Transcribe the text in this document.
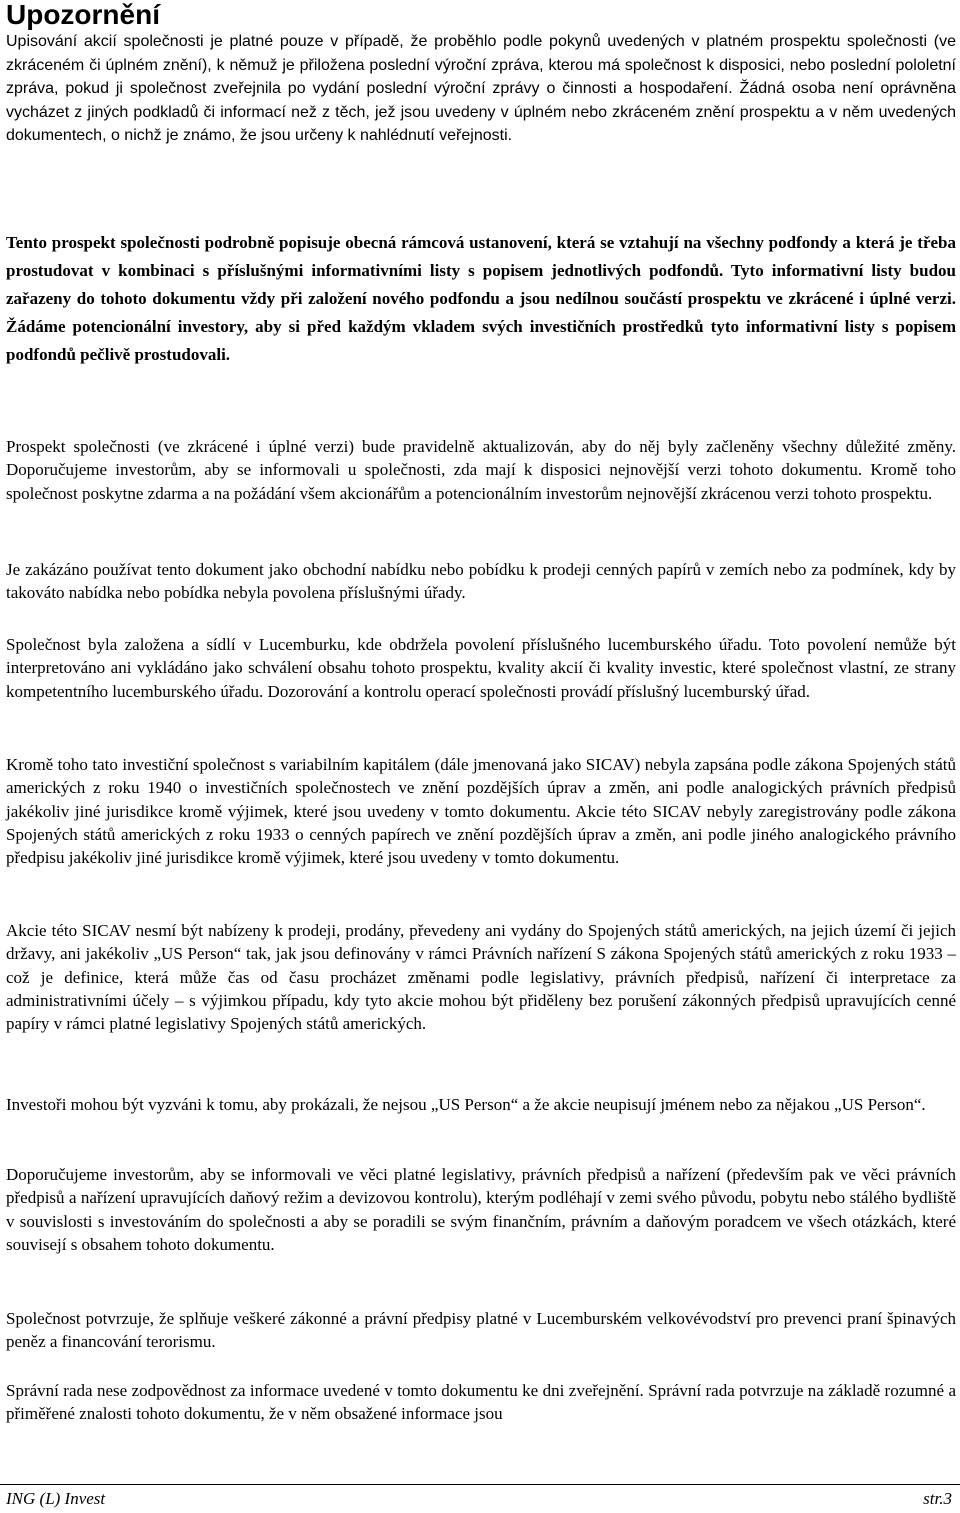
Upozornění

Upisování akcií společnosti je platné pouze v případě, že proběhlo podle pokynů uvedených v platném prospektu společnosti (ve zkráceném či úplném znění), k němuž je přiložena poslední výroční zpráva, kterou má společnost k disposici, nebo poslední pololetní zpráva, pokud ji společnost zveřejnila po vydání poslední výroční zprávy o činnosti a hospodaření. Žádná osoba není oprávněna vycházet z jiných podkladů či informací než z těch, jež jsou uvedeny v úplném nebo zkráceném znění prospektu a v něm uvedených dokumentech, o nichž je známo, že jsou určeny k nahlédnutí veřejnosti.

Tento prospekt společnosti podrobně popisuje obecná rámcová ustanovení, která se vztahují na všechny podfondy a která je třeba prostudovat v kombinaci s příslušnými informativními listy s popisem jednotlivých podfondů. Tyto informativní listy budou zařazeny do tohoto dokumentu vždy při založení nového podfondu a jsou nedílnou součástí prospektu ve zkrácené i úplné verzi. Žádáme potencionální investory, aby si před každým vkladem svých investičních prostředků tyto informativní listy s popisem podfondů pečlivě prostudovali.

Prospekt společnosti (ve zkrácené i úplné verzi) bude pravidelně aktualizován, aby do něj byly začleněny všechny důležité změny. Doporučujeme investorům, aby se informovali u společnosti, zda mají k disposici nejnovější verzi tohoto dokumentu. Kromě toho společnost poskytne zdarma a na požádání všem akcionářům a potencionálním investorům nejnovější zkrácenou verzi tohoto prospektu.

Je zakázáno používat tento dokument jako obchodní nabídku nebo pobídku k prodeji cenných papírů v zemích nebo za podmínek, kdy by takováto nabídka nebo pobídka nebyla povolena příslušnými úřady.

Společnost byla založena a sídlí v Lucemburku, kde obdržela povolení příslušného lucemburského úřadu. Toto povolení nemůže být interpretováno ani vykládáno jako schválení obsahu tohoto prospektu, kvality akcií či kvality investic, které společnost vlastní, ze strany kompetentního lucemburského úřadu. Dozorování a kontrolu operací společnosti provádí příslušný lucemburský úřad.

Kromě toho tato investiční společnost s variabilním kapitálem (dále jmenovaná jako SICAV) nebyla zapsána podle zákona Spojených států amerických z roku 1940 o investičních společnostech ve znění pozdějších úprav a změn, ani podle analogických právních předpisů jakékoliv jiné jurisdikce kromě výjimek, které jsou uvedeny v tomto dokumentu. Akcie této SICAV nebyly zaregistrovány podle zákona Spojených států amerických z roku 1933 o cenných papírech ve znění pozdějších úprav a změn, ani podle jiného analogického právního předpisu jakékoliv jiné jurisdikce kromě výjimek, které jsou uvedeny v tomto dokumentu.

Akcie této SICAV nesmí být nabízeny k prodeji, prodány, převedeny ani vydány do Spojených států amerických, na jejich území či jejich državy, ani jakékoliv „US Person“ tak, jak jsou definovány v rámci Právních nařízení S zákona Spojených států amerických z roku 1933 – což je definice, která může čas od času procházet změnami podle legislativy, právních předpisů, nařízení či interpretace za administrativními účely – s výjimkou případu, kdy tyto akcie mohou být přiděleny bez porušení zákonných předpisů upravujících cenné papíry v rámci platné legislativy Spojených států amerických.

Investoři mohou být vyzváni k tomu, aby prokázali, že nejsou „US Person“ a že akcie neupisují jménem nebo za nějakou „US Person“.

Doporučujeme investorům, aby se informovali ve věci platné legislativy, právních předpisů a nařízení (především pak ve věci právních předpisů a nařízení upravujících daňový režim a devizovou kontrolu), kterým podléhají v zemi svého původu, pobytu nebo stálého bydliště v souvislosti s investováním do společnosti a aby se poradili se svým finančním, právním a daňovým poradcem ve všech otázkách, které souvisejí s obsahem tohoto dokumentu.

Společnost potvrzuje, že splňuje veškeré zákonné a právní předpisy platné v Lucemburském velkovévodství pro prevenci praní špinavých peněz a financování terorismu.

Správní rada nese zodpovědnost za informace uvedené v tomto dokumentu ke dni zveřejnění. Správní rada potvrzuje na základě rozumné a přiměřené znalosti tohoto dokumentu, že v něm obsažené informace jsou

ING (L) Invest	str.3
